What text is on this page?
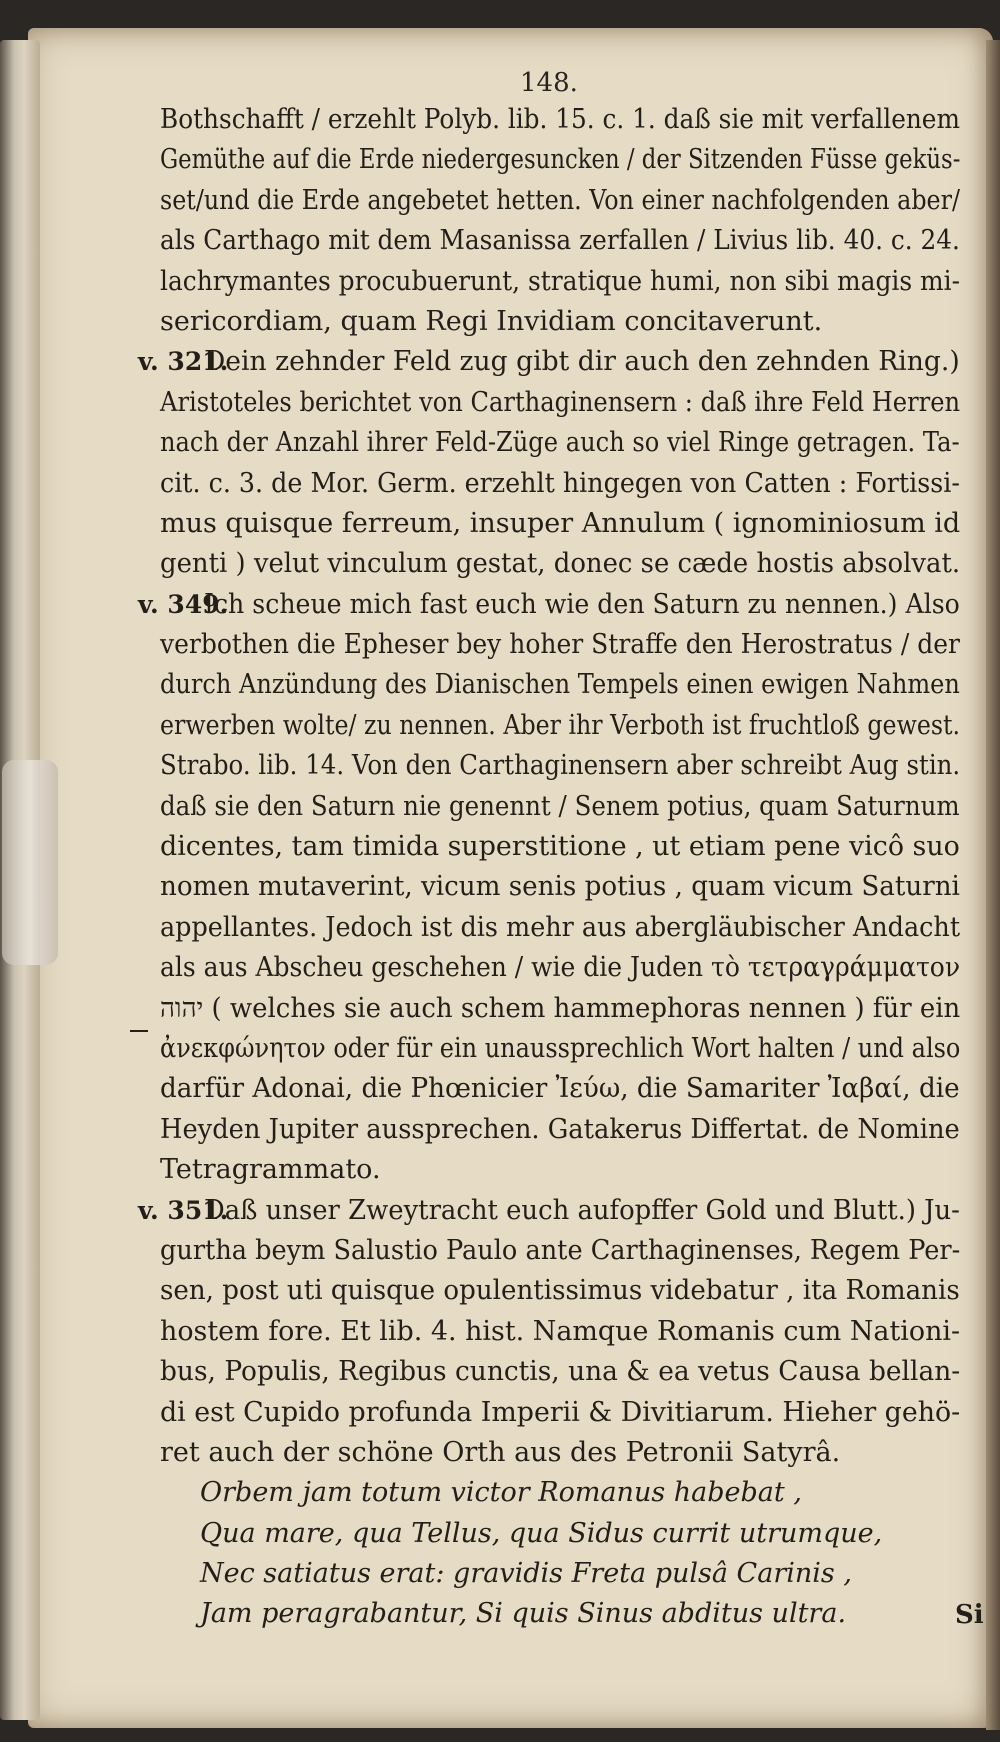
148.
Bothschafft / erzehlt Polyb. lib. 15. c. 1. daß sie mit verfallenem
Gemüthe auf die Erde niedergesuncken / der Sitzenden Füsse geküs-
set/und die Erde angebetet hetten. Von einer nachfolgenden aber/
als Carthago mit dem Masanissa zerfallen / Livius lib. 40. c. 24.
lachrymantes procubuerunt, stratique humi, non sibi magis mi-
sericordiam, quam Regi Invidiam concitaverunt.
v. 321.
Dein zehnder Feld zug gibt dir auch den zehnden Ring.)
Aristoteles berichtet von Carthaginensern : daß ihre Feld Herren
nach der Anzahl ihrer Feld-Züge auch so viel Ringe getragen. Ta-
cit. c. 3. de Mor. Germ. erzehlt hingegen von Catten : Fortissi-
mus quisque ferreum, insuper Annulum ( ignominiosum id
genti ) velut vinculum gestat, donec se cæde hostis absolvat.
v. 349.
Ich scheue mich fast euch wie den Saturn zu nennen.) Also
verbothen die Epheser bey hoher Straffe den Herostratus / der
durch Anzündung des Dianischen Tempels einen ewigen Nahmen
erwerben wolte/ zu nennen. Aber ihr Verboth ist fruchtloß gewest.
Strabo. lib. 14. Von den Carthaginensern aber schreibt Aug stin.
daß sie den Saturn nie genennt / Senem potius, quam Saturnum
dicentes, tam timida superstitione , ut etiam pene vicô suo
nomen mutaverint, vicum senis potius , quam vicum Saturni
appellantes. Jedoch ist dis mehr aus abergläubischer Andacht
als aus Abscheu geschehen / wie die Juden τὸ τετραγράμματον
יהוה ( welches sie auch schem hammephoras nennen ) für ein
ἀνεκφώνητον oder für ein unaussprechlich Wort halten / und also
darfür Adonai, die Phœnicier Ἰεύω, die Samariter Ἰαβαί, die
Heyden Jupiter aussprechen. Gatakerus Differtat. de Nomine
Tetragrammato.
v. 351.
Daß unser Zweytracht euch aufopffer Gold und Blutt.) Ju-
gurtha beym Salustio Paulo ante Carthaginenses, Regem Per-
sen, post uti quisque opulentissimus videbatur , ita Romanis
hostem fore. Et lib. 4. hist. Namque Romanis cum Nationi-
bus, Populis, Regibus cunctis, una & ea vetus Causa bellan-
di est Cupido profunda Imperii & Divitiarum. Hieher gehö-
ret auch der schöne Orth aus des Petronii Satyrâ.
Orbem jam totum victor Romanus habebat ,
Qua mare, qua Tellus, qua Sidus currit utrumque,
Nec satiatus erat: gravidis Freta pulsâ Carinis ,
Jam peragrabantur, Si quis Sinus abditus ultra.	Si
